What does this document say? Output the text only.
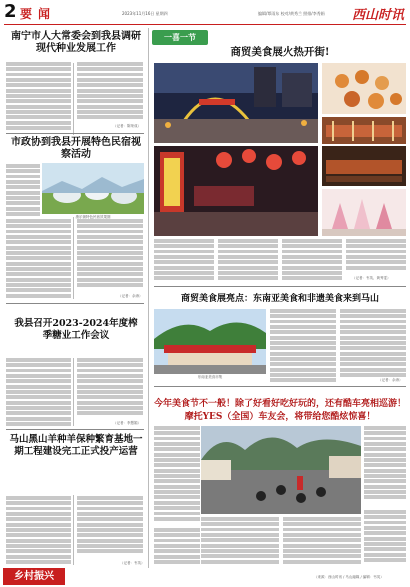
2 要闻	2023年11月16日 星期四	编辑/覃雨东 校对/黄秀兰 照排/李秀娟 西山时讯
南宁市人大常委会到我县调研现代种业发展工作
（记者：陈荣成）
市政协到我县开展特色民宿视察活动
康乐街特色民宿效果图
（记者：余涛）
我县召开2023-2024年度榨季糖业工作会议
（记者：李慧娟）
马山黑山羊种羊保种繁育基地一期工程建设完工正式投产运营
（记者：韦英）
乡村振兴
一喜一节
商贸美食展火热开街!
（记者：韦英、黄秀雯）
商贸美食展亮点：东南亚美食和非遗美食来到马山
东南亚美食市集
（记者：余涛）
今年美食节不一般！除了好看好吃好玩的，还有酷车亮相巡游！
摩托YES（全国）车友会，将带给您酷炫惊喜！
（来源：西山时讯 / 马山融媒 / 编辑：韦英）
